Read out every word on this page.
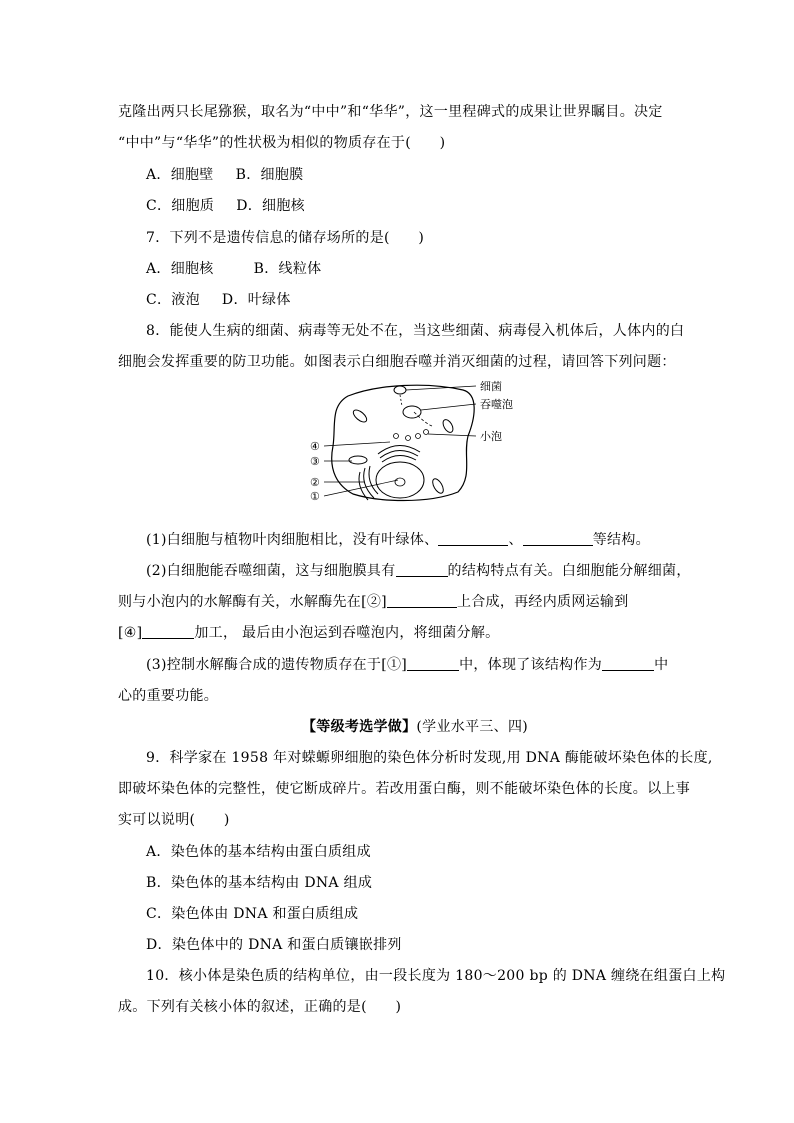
克隆出两只长尾猕猴，取名为“中中”和“华华”，这一里程碑式的成果让世界瞩目。决定
“中中”与“华华”的性状极为相似的物质存在于(　　)
A．细胞壁 B．细胞膜
C．细胞质 D．细胞核
7．下列不是遗传信息的储存场所的是(　　)
A．细胞核	B．线粒体
C．液泡 D．叶绿体
8．能使人生病的细菌、病毒等无处不在，当这些细菌、病毒侵入机体后，人体内的白
细胞会发挥重要的防卫功能。如图表示白细胞吞噬并消灭细菌的过程，请回答下列问题：
细菌
吞噬泡
小泡
④
③
②
①
(1)白细胞与植物叶肉细胞相比，没有叶绿体、	、	等结构。
(2)白细胞能吞噬细菌，这与细胞膜具有	的结构特点有关。白细胞能分解细菌，
则与小泡内的水解酶有关，水解酶先在[②]	上合成，再经内质网运输到
[④]	加工， 最后由小泡运到吞噬泡内，将细菌分解。
(3)控制水解酶合成的遗传物质存在于[①]	中，体现了该结构作为	中
心的重要功能。
【等级考选学做】(学业水平三、四)
9．科学家在 1958 年对蝾螈卵细胞的染色体分析时发现,用 DNA 酶能破坏染色体的长度,
即破坏染色体的完整性，使它断成碎片。若改用蛋白酶，则不能破坏染色体的长度。以上事
实可以说明(　　)
A．染色体的基本结构由蛋白质组成
B．染色体的基本结构由 DNA 组成
C．染色体由 DNA 和蛋白质组成
D．染色体中的 DNA 和蛋白质镶嵌排列
10．核小体是染色质的结构单位，由一段长度为 180～200 bp 的 DNA 缠绕在组蛋白上构
成。下列有关核小体的叙述，正确的是(　　)
